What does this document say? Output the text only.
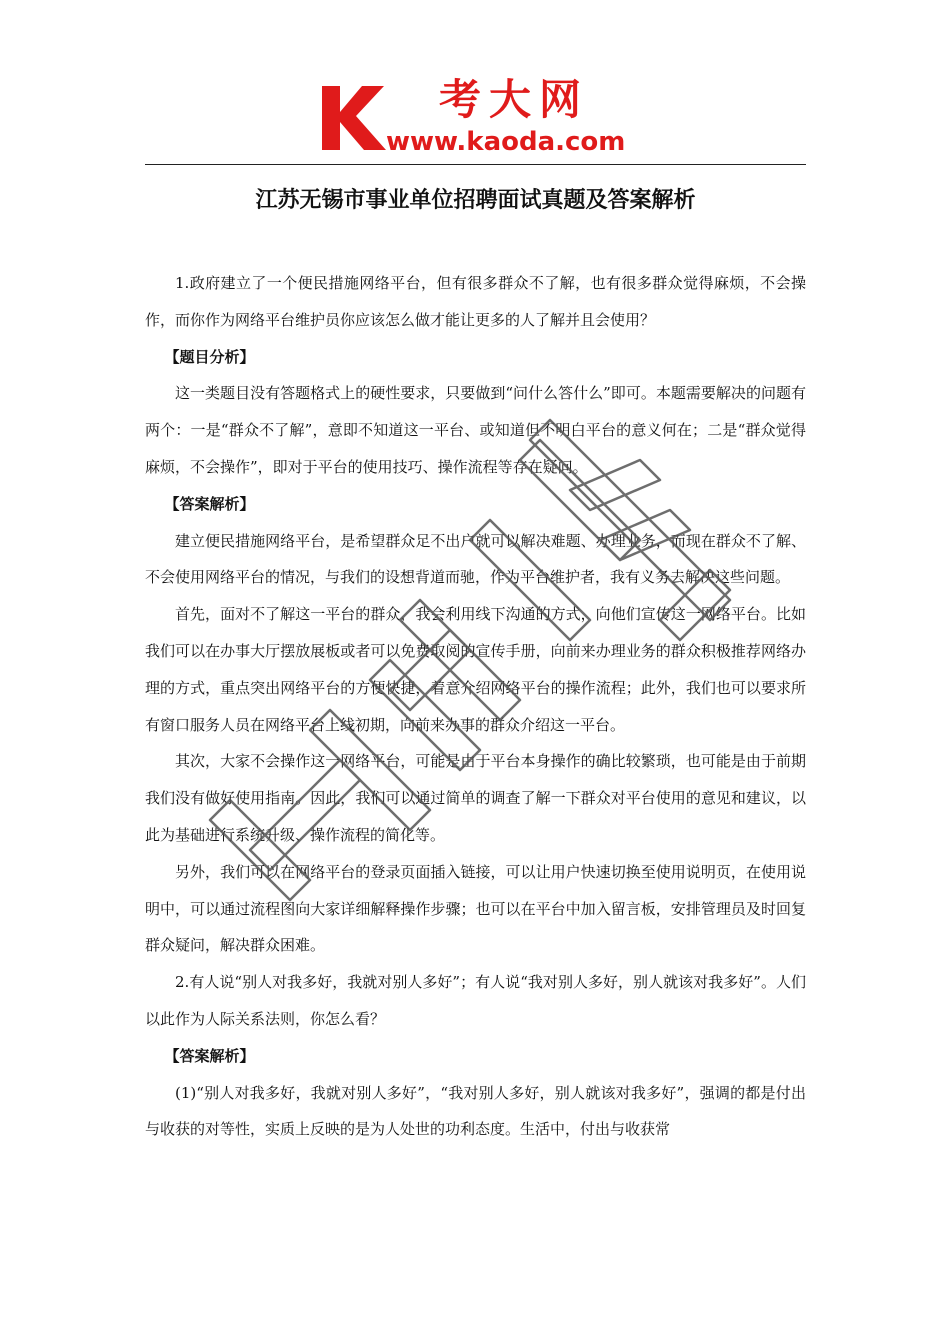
考大网
www.kaoda.com
江苏无锡市事业单位招聘面试真题及答案解析

1.政府建立了一个便民措施网络平台，但有很多群众不了解，也有很多群众觉得麻烦，不会操作，而你作为网络平台维护员你应该怎么做才能让更多的人了解并且会使用？

【题目分析】

这一类题目没有答题格式上的硬性要求，只要做到“问什么答什么”即可。本题需要解决的问题有两个：一是“群众不了解”，意即不知道这一平台、或知道但不明白平台的意义何在；二是“群众觉得麻烦，不会操作”，即对于平台的使用技巧、操作流程等存在疑问。

【答案解析】

建立便民措施网络平台，是希望群众足不出户就可以解决难题、办理业务，而现在群众不了解、不会使用网络平台的情况，与我们的设想背道而驰，作为平台维护者，我有义务去解决这些问题。

首先，面对不了解这一平台的群众，我会利用线下沟通的方式，向他们宣传这一网络平台。比如我们可以在办事大厅摆放展板或者可以免费取阅的宣传手册，向前来办理业务的群众积极推荐网络办理的方式，重点突出网络平台的方便快捷，着意介绍网络平台的操作流程；此外，我们也可以要求所有窗口服务人员在网络平台上线初期，向前来办事的群众介绍这一平台。

其次，大家不会操作这一网络平台，可能是由于平台本身操作的确比较繁琐，也可能是由于前期我们没有做好使用指南。因此，我们可以通过简单的调查了解一下群众对平台使用的意见和建议，以此为基础进行系统升级、操作流程的简化等。

另外，我们可以在网络平台的登录页面插入链接，可以让用户快速切换至使用说明页，在使用说明中，可以通过流程图向大家详细解释操作步骤；也可以在平台中加入留言板，安排管理员及时回复群众疑问，解决群众困难。

2.有人说“别人对我多好，我就对别人多好”；有人说“我对别人多好，别人就该对我多好”。人们以此作为人际关系法则，你怎么看？

【答案解析】

(1)“别人对我多好，我就对别人多好”，“我对别人多好，别人就该对我多好”，强调的都是付出与收获的对等性，实质上反映的是为人处世的功利态度。生活中，付出与收获常
